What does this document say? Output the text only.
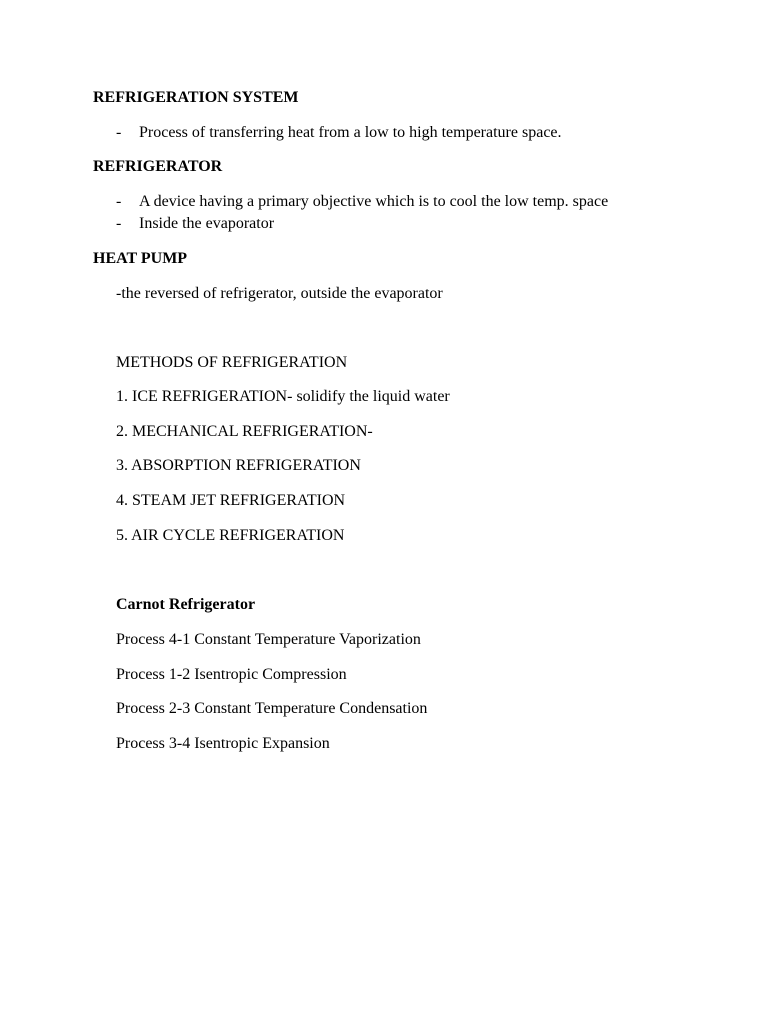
REFRIGERATION SYSTEM
- Process of transferring heat from a low to high temperature space.
REFRIGERATOR
- A device having a primary objective which is to cool the low temp. space
- Inside the evaporator
HEAT PUMP
-the reversed of refrigerator, outside the evaporator
METHODS OF REFRIGERATION
1. ICE REFRIGERATION- solidify the liquid water
2. MECHANICAL REFRIGERATION-
3. ABSORPTION REFRIGERATION
4. STEAM JET REFRIGERATION
5. AIR CYCLE REFRIGERATION
Carnot Refrigerator
Process 4-1 Constant Temperature Vaporization
Process 1-2 Isentropic Compression
Process 2-3 Constant Temperature Condensation
Process 3-4 Isentropic Expansion
